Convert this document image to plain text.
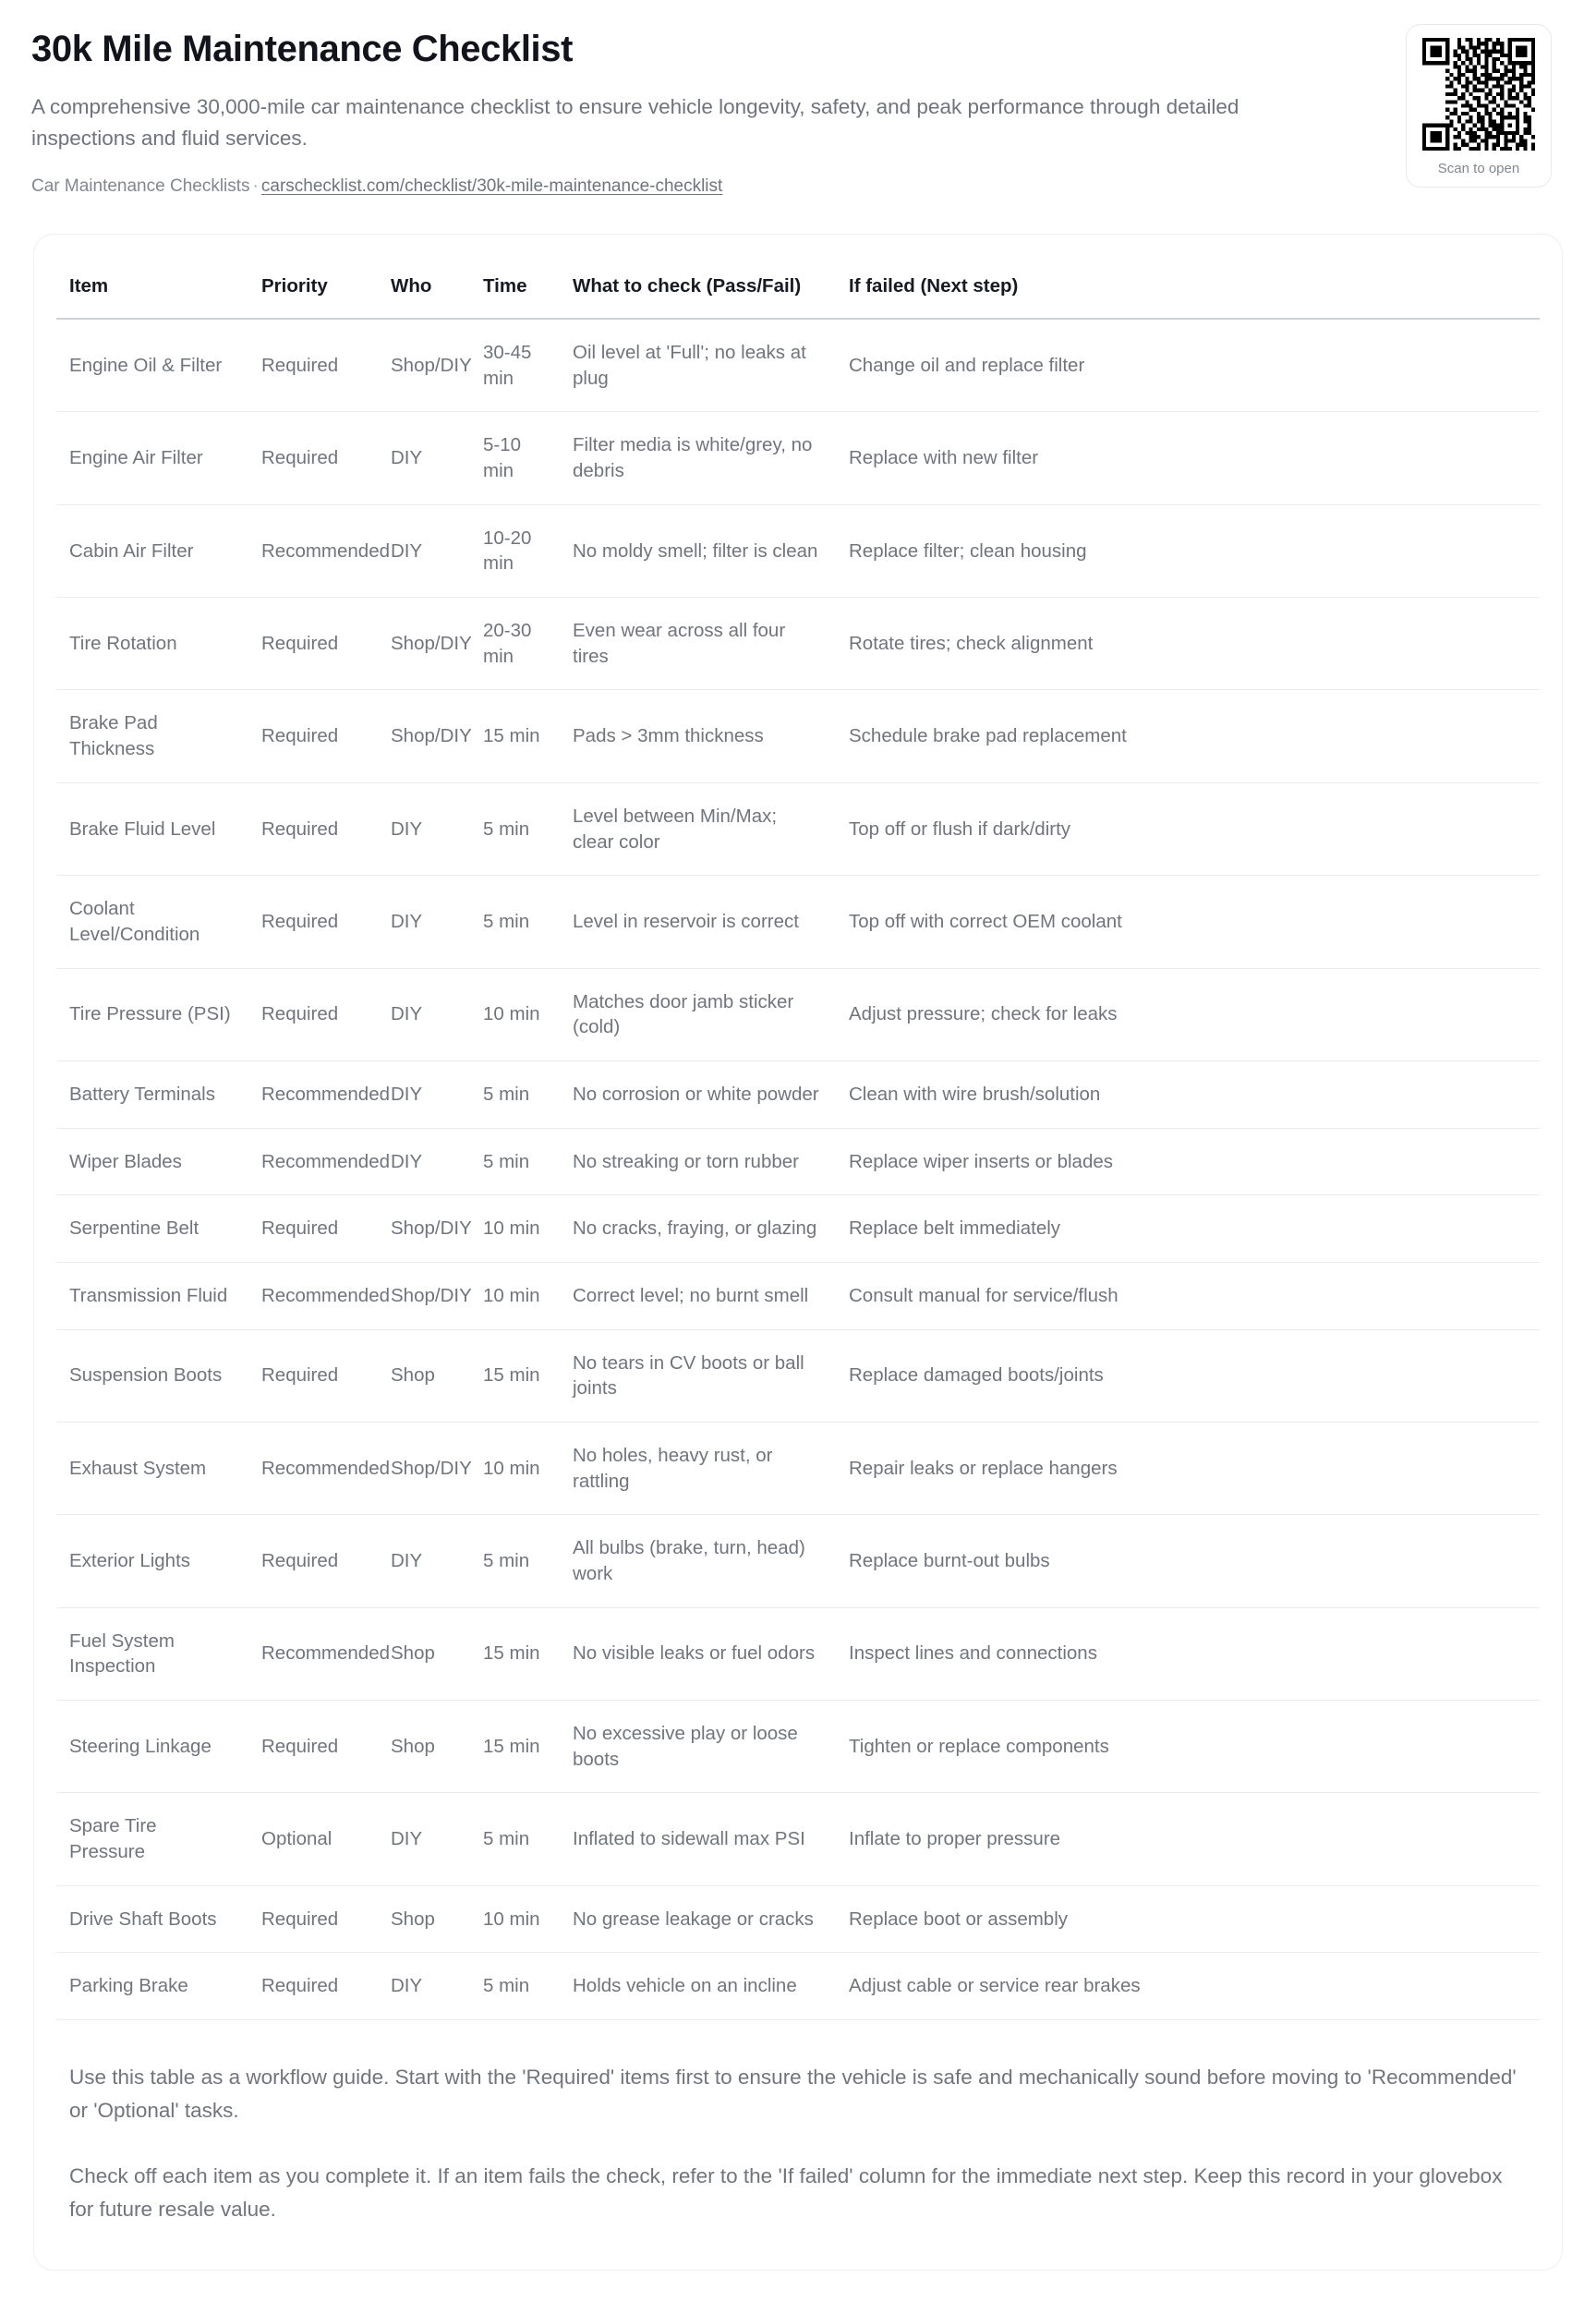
30k Mile Maintenance Checklist

A comprehensive 30,000-mile car maintenance checklist to ensure vehicle longevity, safety, and peak performance through detailed inspections and fluid services.

Car Maintenance Checklists · carschecklist.com/checklist/30k-mile-maintenance-checklist
Scan to open
Item	Priority	Who	Time	What to check (Pass/Fail)	If failed (Next step)
Engine Oil & Filter	Required	Shop/DIY	30-45 min	Oil level at 'Full'; no leaks at plug	Change oil and replace filter
Engine Air Filter	Required	DIY	5-10 min	Filter media is white/grey, no debris	Replace with new filter
Cabin Air Filter	Recommended	DIY	10-20 min	No moldy smell; filter is clean	Replace filter; clean housing
Tire Rotation	Required	Shop/DIY	20-30 min	Even wear across all four tires	Rotate tires; check alignment
Brake Pad Thickness	Required	Shop/DIY	15 min	Pads > 3mm thickness	Schedule brake pad replacement
Brake Fluid Level	Required	DIY	5 min	Level between Min/Max; clear color	Top off or flush if dark/dirty
Coolant Level/Condition	Required	DIY	5 min	Level in reservoir is correct	Top off with correct OEM coolant
Tire Pressure (PSI)	Required	DIY	10 min	Matches door jamb sticker (cold)	Adjust pressure; check for leaks
Battery Terminals	Recommended	DIY	5 min	No corrosion or white powder	Clean with wire brush/solution
Wiper Blades	Recommended	DIY	5 min	No streaking or torn rubber	Replace wiper inserts or blades
Serpentine Belt	Required	Shop/DIY	10 min	No cracks, fraying, or glazing	Replace belt immediately
Transmission Fluid	Recommended	Shop/DIY	10 min	Correct level; no burnt smell	Consult manual for service/flush
Suspension Boots	Required	Shop	15 min	No tears in CV boots or ball joints	Replace damaged boots/joints
Exhaust System	Recommended	Shop/DIY	10 min	No holes, heavy rust, or rattling	Repair leaks or replace hangers
Exterior Lights	Required	DIY	5 min	All bulbs (brake, turn, head) work	Replace burnt-out bulbs
Fuel System Inspection	Recommended	Shop	15 min	No visible leaks or fuel odors	Inspect lines and connections
Steering Linkage	Required	Shop	15 min	No excessive play or loose boots	Tighten or replace components
Spare Tire Pressure	Optional	DIY	5 min	Inflated to sidewall max PSI	Inflate to proper pressure
Drive Shaft Boots	Required	Shop	10 min	No grease leakage or cracks	Replace boot or assembly
Parking Brake	Required	DIY	5 min	Holds vehicle on an incline	Adjust cable or service rear brakes

Use this table as a workflow guide. Start with the 'Required' items first to ensure the vehicle is safe and mechanically sound before moving to 'Recommended' or 'Optional' tasks.

Check off each item as you complete it. If an item fails the check, refer to the 'If failed' column for the immediate next step. Keep this record in your glovebox for future resale value.
